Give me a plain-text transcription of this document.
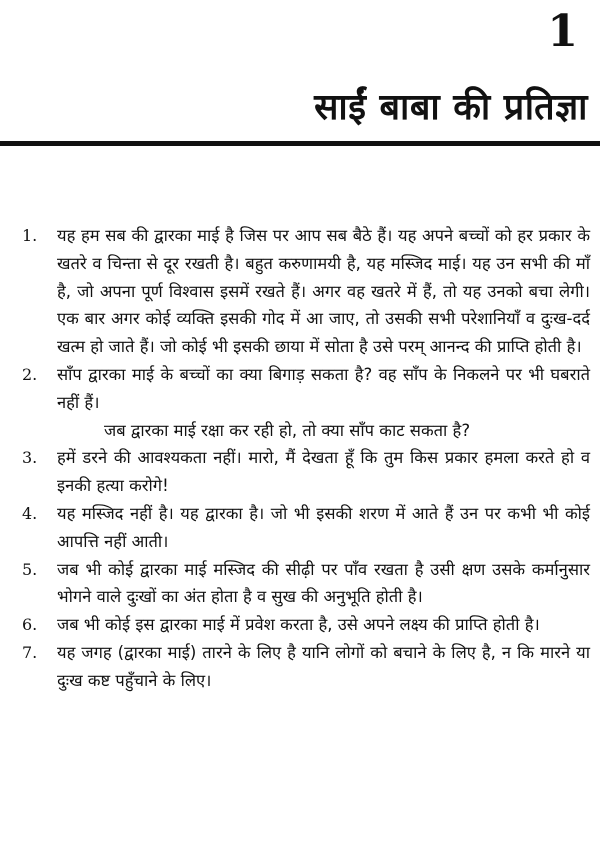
1
साईं बाबा की प्रतिज्ञा
1.	यह हम सब की द्वारका माई है जिस पर आप सब बैठे हैं। यह अपने बच्चों को हर प्रकार के खतरे व चिन्ता से दूर रखती है। बहुत करुणामयी है, यह मस्जिद माई। यह उन सभी की माँ है, जो अपना पूर्ण विश्वास इसमें रखते हैं। अगर वह खतरे में हैं, तो यह उनको बचा लेगी। एक बार अगर कोई व्यक्ति इसकी गोद में आ जाए, तो उसकी सभी परेशानियाँ व दुःख-दर्द खत्म हो जाते हैं। जो कोई भी इसकी छाया में सोता है उसे परम् आनन्द की प्राप्ति होती है।

2.	साँप द्वारका माई के बच्चों का क्या बिगाड़ सकता है? वह साँप के निकलने पर भी घबराते नहीं हैं।

जब द्वारका माई रक्षा कर रही हो, तो क्या साँप काट सकता है?

3.	हमें डरने की आवश्यकता नहीं। मारो, मैं देखता हूँ कि तुम किस प्रकार हमला करते हो व इनकी हत्या करोगे!

4.	यह मस्जिद नहीं है। यह द्वारका है। जो भी इसकी शरण में आते हैं उन पर कभी भी कोई आपत्ति नहीं आती।

5.	जब भी कोई द्वारका माई मस्जिद की सीढ़ी पर पाँव रखता है उसी क्षण उसके कर्मानुसार भोगने वाले दुःखों का अंत होता है व सुख की अनुभूति होती है।

6.	जब भी कोई इस द्वारका माई में प्रवेश करता है, उसे अपने लक्ष्य की प्राप्ति होती है।

7.	यह जगह (द्वारका माई) तारने के लिए है यानि लोगों को बचाने के लिए है, न कि मारने या दुःख कष्ट पहुँचाने के लिए।
